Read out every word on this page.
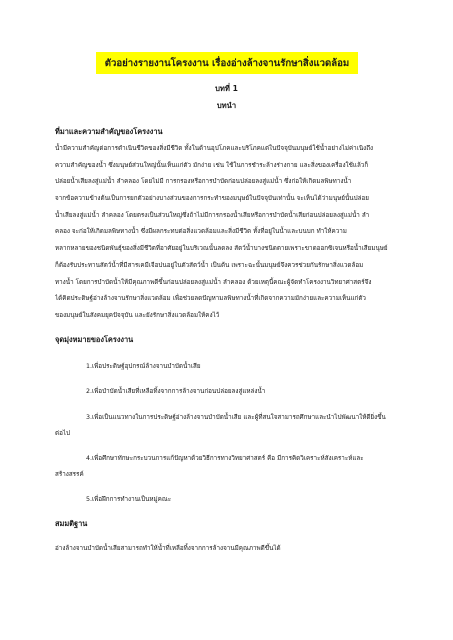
ตัวอย่างรายงานโครงงาน เรื่องอ่างล้างจานรักษาสิ่งแวดล้อม
บทที่ 1
บทนำ
ที่มาและความสำคัญของโครงงาน
น้ำมีความสำคัญต่อการดำเนินชีวิตของสิ่งมีชีวิต ทั้งในด้านอุปโภคและบริโภคแต่ในปัจจุบันมนุษย์ใช้น้ำอย่างไม่ค่าเนิงถึง
ความสำคัญของน้ำ ซึ่งมนุษย์ส่วนใหญ่นั้นเห็นแก่ตัว มักง่าย เช่น ใช้ในการชำระล้างร่างกาย และสิ่งของเครื่องใช้แล้วก็
ปล่อยน้ำเสียลงสู่แม่น้ำ ลำคลอง โดยไม่มี การกรองหรือการบำบัดก่อนปล่อยลงสู่แม่น้ำ ซึ่งก่อให้เกิดมลพิษทางน้ำ
จากข้อความข้างต้นเป็นการยกตัวอย่างบางส่วนของการกระทำของมนุษย์ในปัจจุบันเท่านั้น จะเห็นได้ว่ามนุษย์นั้นปล่อย
น้ำเสียลงสู่แม่น้ำ ลำคลอง โดยตรงเป็นส่วนใหญ่ซึ่งถ้าไม่มีการกรองน้ำเสียหรือการบำบัดน้ำเสียก่อนปล่อยลงสู่แม่น้ำ ลำ
คลอง จะก่อให้เกิดมลพิษทางน้ำ ซึ่งมีผลกระทบต่อสิ่งแวดล้อมและสิ่งมีชีวิต ทั้งที่อยู่ในน้ำและบนบก ทำให้ความ
หลากหลายของชนิดพันธุ์ของสิ่งมีชีวิตที่อาศัยอยู่ในบริเวณนั้นลดลง สัตว์น้ำบางชนิดตายเพราะขาดออกซิเจนหรือน้ำเสียมนุษย์
ก็ต้องรับประทานสัตว์น้ำที่มีสารเคมีเจือปนอยู่ในตัวสัตว์น้ำ เป็นต้น เพราะฉะนั้นมนุษย์จึงควรช่วยกันรักษาสิ่งแวดล้อม
ทางน้ำ โดยการบำบัดน้ำให้มีคุณภาพดีขึ้นก่อนปล่อยลงสู่แม่น้ำ ลำคลอง ด้วยเหตุนี้คณะผู้จัดทำโครงงานวิทยาศาสตร์จึง
ได้คิดประดิษฐ์อ่างล้างจานรักษาสิ่งแวดล้อม เพื่อช่วยลดปัญหามลพิษทางน้ำที่เกิดจากความมักง่ายและความเห็นแก่ตัว
ของมนุษย์ในสังคมยุคปัจจุบัน และยังรักษาสิ่งแวดล้อมให้คงไว้
จุดมุ่งหมายของโครงงาน
1.เพื่อประดิษฐ์อุปกรณ์ล้างจานบำบัดน้ำเสีย
2.เพื่อบำบัดน้ำเสียที่เหลือทิ้งจากการล้างจานก่อนปล่อยลงสู่แหล่งน้ำ
3.เพื่อเป็นแนวทางในการประดิษฐ์อ่างล้างจานบำบัดน้ำเสีย และผู้ที่สนใจสามารถศึกษาและนำไปพัฒนาให้ดียิ่งขึ้น
ต่อไป
4.เพื่อศึกษาทักษะกระบวนการแก้ปัญหาด้วยวิธีการทางวิทยาศาสตร์ คือ มีการคิดวิเคราะห์สังเคราะห์และ
สร้างสรรค์
5.เพื่อฝึกการทำงานเป็นหมู่คณะ
สมมติฐาน
อ่างล้างจานบำบัดน้ำเสียสามารถทำให้น้ำที่เหลือทิ้งจากการล้างจานมีคุณภาพดีขึ้นได้
